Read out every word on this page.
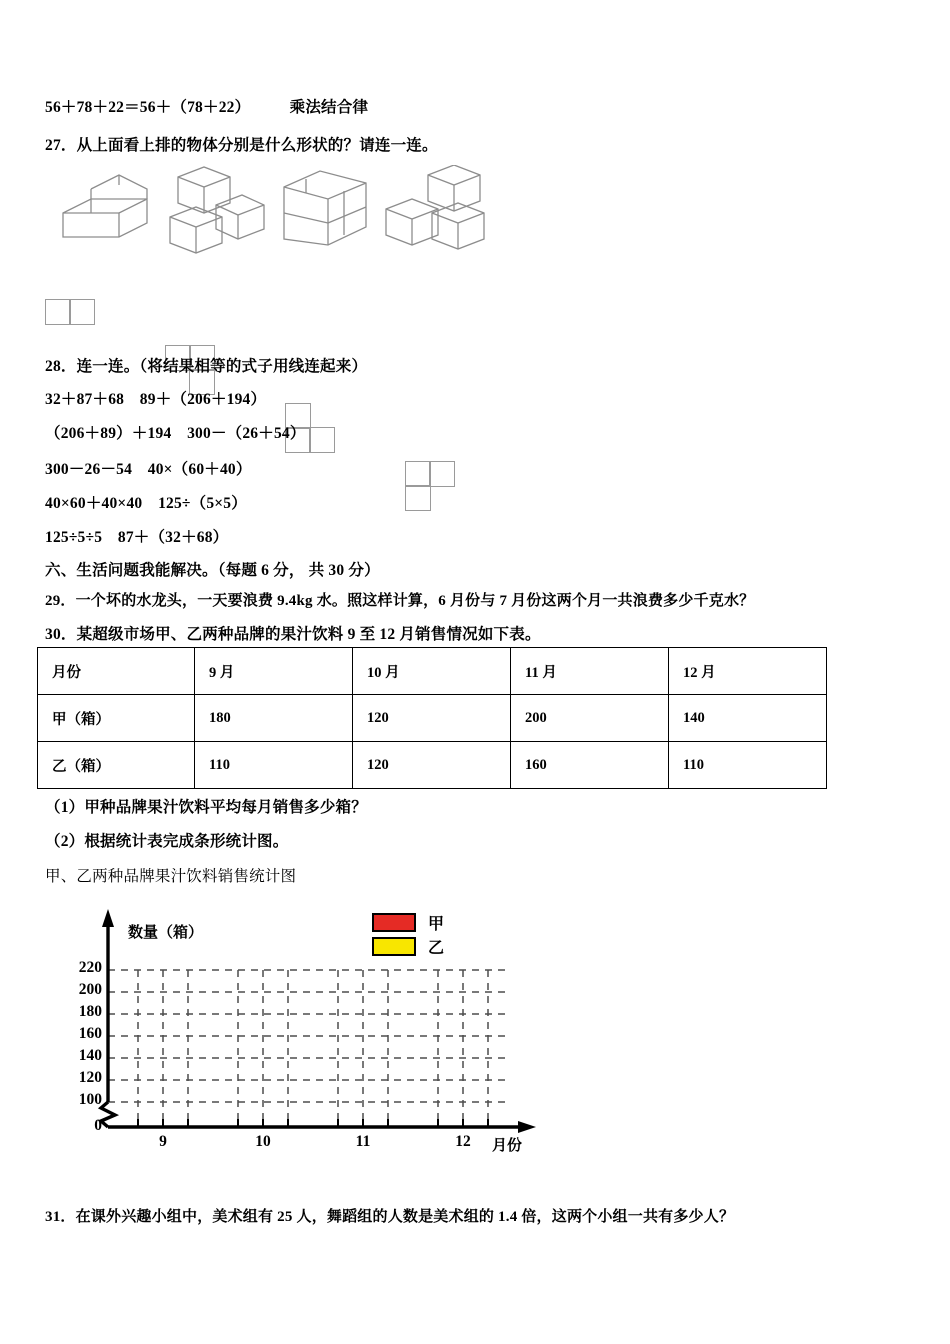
56＋78＋22＝56＋（78＋22）　　　乘法结合律
27．从上面看上排的物体分别是什么形状的？请连一连。
28．连一连。（将结果相等的式子用线连起来）
32＋87＋68　89＋（206＋194）
（206＋89）＋194　300－（26＋54）
300－26－54　40×（60＋40）
40×60＋40×40　125÷（5×5）
125÷5÷5　87＋（32＋68）
六、生活问题我能解决。（每题 6 分， 共 30 分）
29．一个坏的水龙头，一天要浪费 9.4kg 水。照这样计算，6 月份与 7 月份这两个月一共浪费多少千克水？
30．某超级市场甲、乙两种品牌的果汁饮料 9 至 12 月销售情况如下表。
月份	9 月	10 月	11 月	12 月
甲（箱）	180	120	200	140
乙（箱）	110	120	160	110
（1）甲种品牌果汁饮料平均每月销售多少箱？
（2）根据统计表完成条形统计图。
甲、乙两种品牌果汁饮料销售统计图
数量（箱）
220
200
180
160
140
120
100
0
9	10	11	12	月份
甲
乙
31．在课外兴趣小组中，美术组有 25 人，舞蹈组的人数是美术组的 1.4 倍，这两个小组一共有多少人？
